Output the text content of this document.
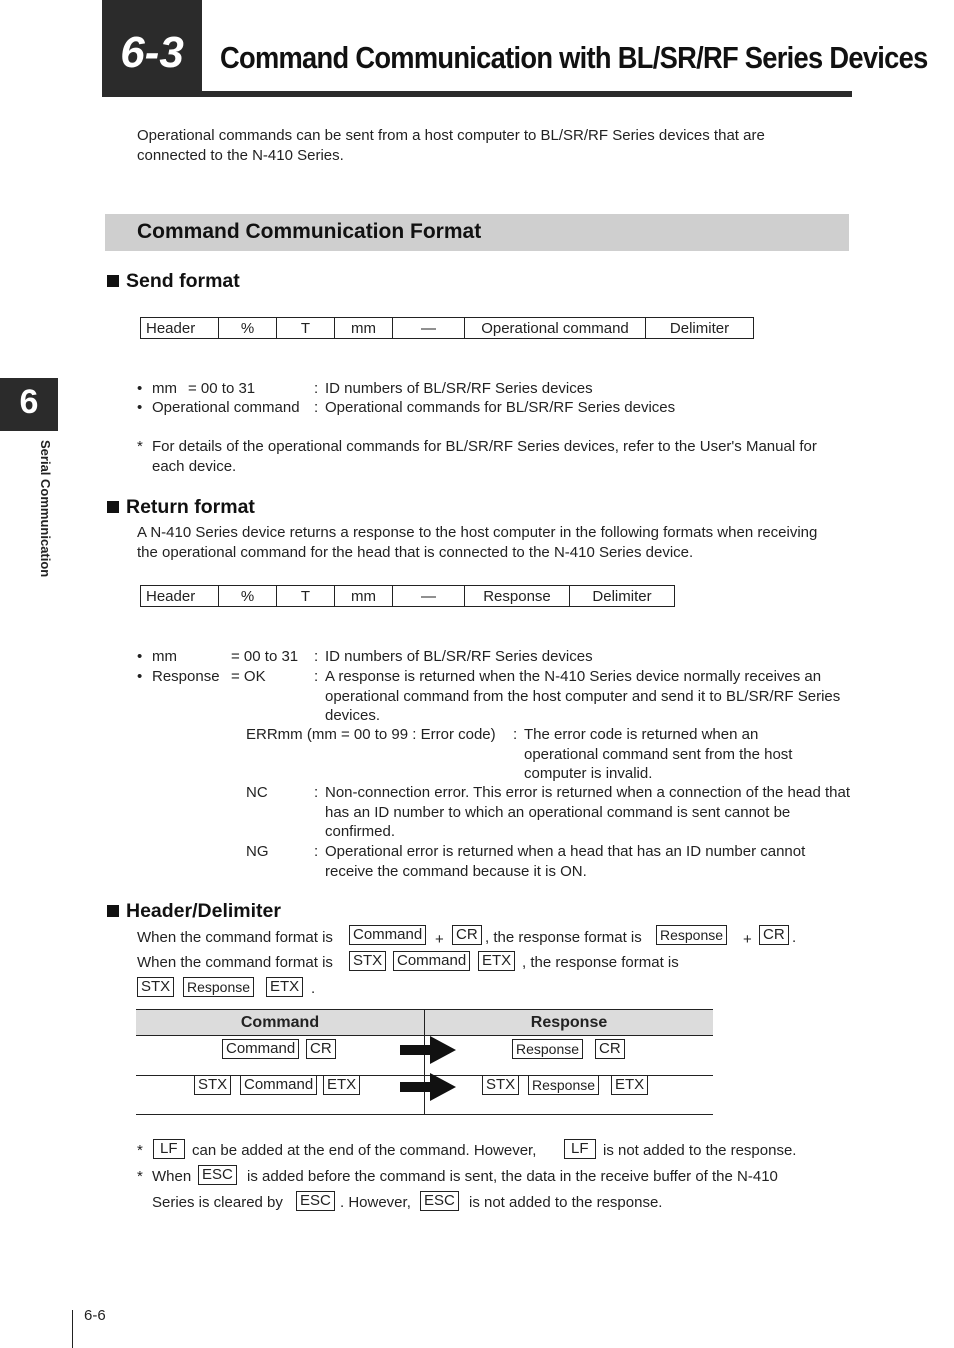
6-3	Command Communication with BL/SR/RF Series Devices
6
Serial Communication
Operational commands can be sent from a host computer to BL/SR/RF Series devices that are connected to the N-410 Series.
Command Communication Format
Send format
Header	%	T	mm	—	Operational command	Delimiter
• mm = 00 to 31	: ID numbers of BL/SR/RF Series devices
• Operational command : Operational commands for BL/SR/RF Series devices
* For details of the operational commands for BL/SR/RF Series devices, refer to the User's Manual for each device.
Return format
A N-410 Series device returns a response to the host computer in the following formats when receiving the operational command for the head that is connected to the N-410 Series device.
Header	%	T	mm	—	Response	Delimiter
• mm	= 00 to 31 : ID numbers of BL/SR/RF Series devices
• Response = OK	: A response is returned when the N-410 Series device normally receives an operational command from the host computer and send it to BL/SR/RF Series devices.
ERRmm (mm = 00 to 99 : Error code) : The error code is returned when an operational command sent from the host computer is invalid.
NC	: Non-connection error. This error is returned when a connection of the head that has an ID number to which an operational command is sent cannot be confirmed.
NG	: Operational error is returned when a head that has an ID number cannot receive the command because it is ON.
Header/Delimiter
When the command format is Command + CR , the response format is Response + CR .
When the command format is STX Command ETX , the response format is
STX Response ETX .
Command	Response

Command CR	Response CR
STX Command ETX	STX Response ETX
*	LF can be added at the end of the command. However,	LF is not added to the response.
* When ESC is added before the command is sent, the data in the receive buffer of the N-410
Series is cleared by ESC . However, ESC is not added to the response.
6-6
